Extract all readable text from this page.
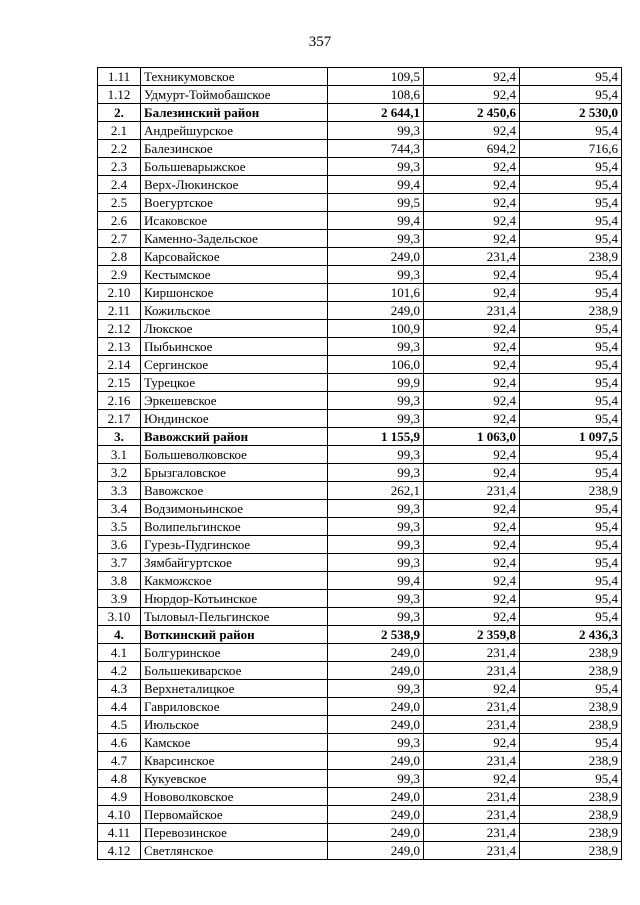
357
1.11	Техникумовское	109,5	92,4	95,4
1.12	Удмурт-Тоймобашское	108,6	92,4	95,4
2.	Балезинский район	2 644,1	2 450,6	2 530,0
2.1	Андрейшурское	99,3	92,4	95,4
2.2	Балезинское	744,3	694,2	716,6
2.3	Большеварыжское	99,3	92,4	95,4
2.4	Верх-Люкинское	99,4	92,4	95,4
2.5	Воегуртское	99,5	92,4	95,4
2.6	Исаковское	99,4	92,4	95,4
2.7	Каменно-Задельское	99,3	92,4	95,4
2.8	Карсовайское	249,0	231,4	238,9
2.9	Кестымское	99,3	92,4	95,4
2.10	Киршонское	101,6	92,4	95,4
2.11	Кожильское	249,0	231,4	238,9
2.12	Люкское	100,9	92,4	95,4
2.13	Пыбьинское	99,3	92,4	95,4
2.14	Сергинское	106,0	92,4	95,4
2.15	Турецкое	99,9	92,4	95,4
2.16	Эркешевское	99,3	92,4	95,4
2.17	Юндинское	99,3	92,4	95,4
3.	Вавожский район	1 155,9	1 063,0	1 097,5
3.1	Большеволковское	99,3	92,4	95,4
3.2	Брызгаловское	99,3	92,4	95,4
3.3	Вавожское	262,1	231,4	238,9
3.4	Водзимоньинское	99,3	92,4	95,4
3.5	Волипельгинское	99,3	92,4	95,4
3.6	Гурезь-Пудгинское	99,3	92,4	95,4
3.7	Зямбайгуртское	99,3	92,4	95,4
3.8	Какможское	99,4	92,4	95,4
3.9	Нюрдор-Котьинское	99,3	92,4	95,4
3.10	Тыловыл-Пельгинское	99,3	92,4	95,4
4.	Воткинский район	2 538,9	2 359,8	2 436,3
4.1	Болгуринское	249,0	231,4	238,9
4.2	Большекиварское	249,0	231,4	238,9
4.3	Верхнеталицкое	99,3	92,4	95,4
4.4	Гавриловское	249,0	231,4	238,9
4.5	Июльское	249,0	231,4	238,9
4.6	Камское	99,3	92,4	95,4
4.7	Кварсинское	249,0	231,4	238,9
4.8	Кукуевское	99,3	92,4	95,4
4.9	Нововолковское	249,0	231,4	238,9
4.10	Первомайское	249,0	231,4	238,9
4.11	Перевозинское	249,0	231,4	238,9
4.12	Светлянское	249,0	231,4	238,9
